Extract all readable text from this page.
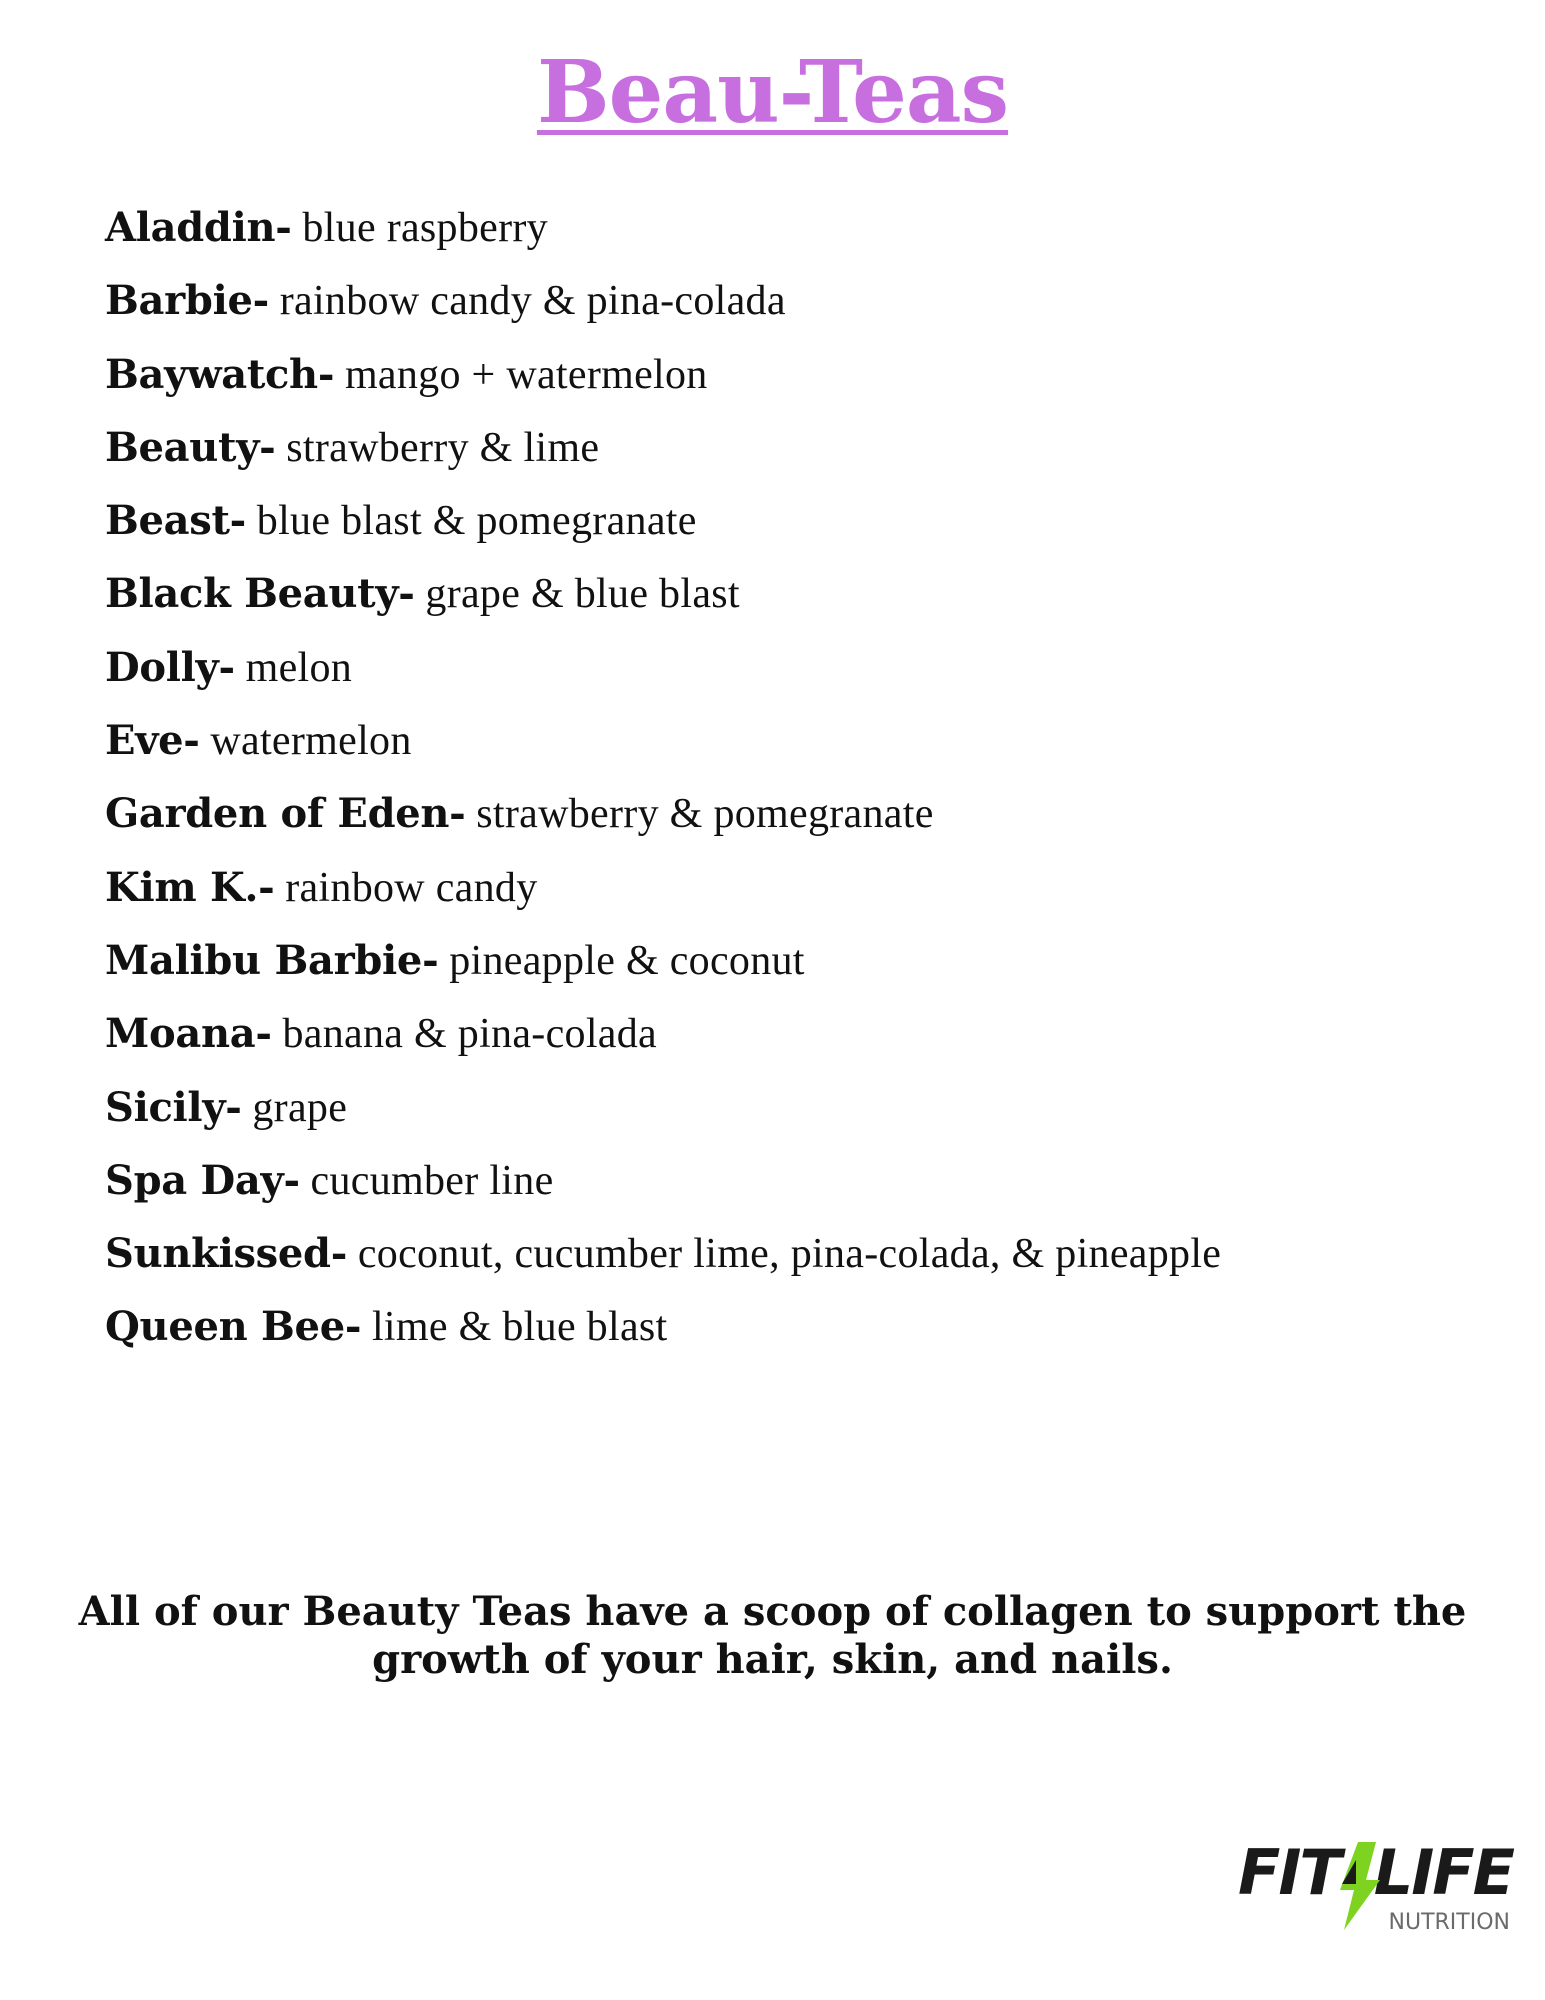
Beau-Teas
Aladdin- blue raspberry
Barbie- rainbow candy & pina-colada
Baywatch- mango + watermelon
Beauty- strawberry & lime
Beast- blue blast & pomegranate
Black Beauty- grape & blue blast
Dolly- melon
Eve- watermelon
Garden of Eden- strawberry & pomegranate
Kim K.- rainbow candy
Malibu Barbie- pineapple & coconut
Moana- banana & pina-colada
Sicily- grape
Spa Day- cucumber line
Sunkissed- coconut, cucumber lime, pina-colada, & pineapple
Queen Bee- lime & blue blast

All of our Beauty Teas have a scoop of collagen to support the
growth of your hair, skin, and nails.

FIT LIFE
NUTRITION
